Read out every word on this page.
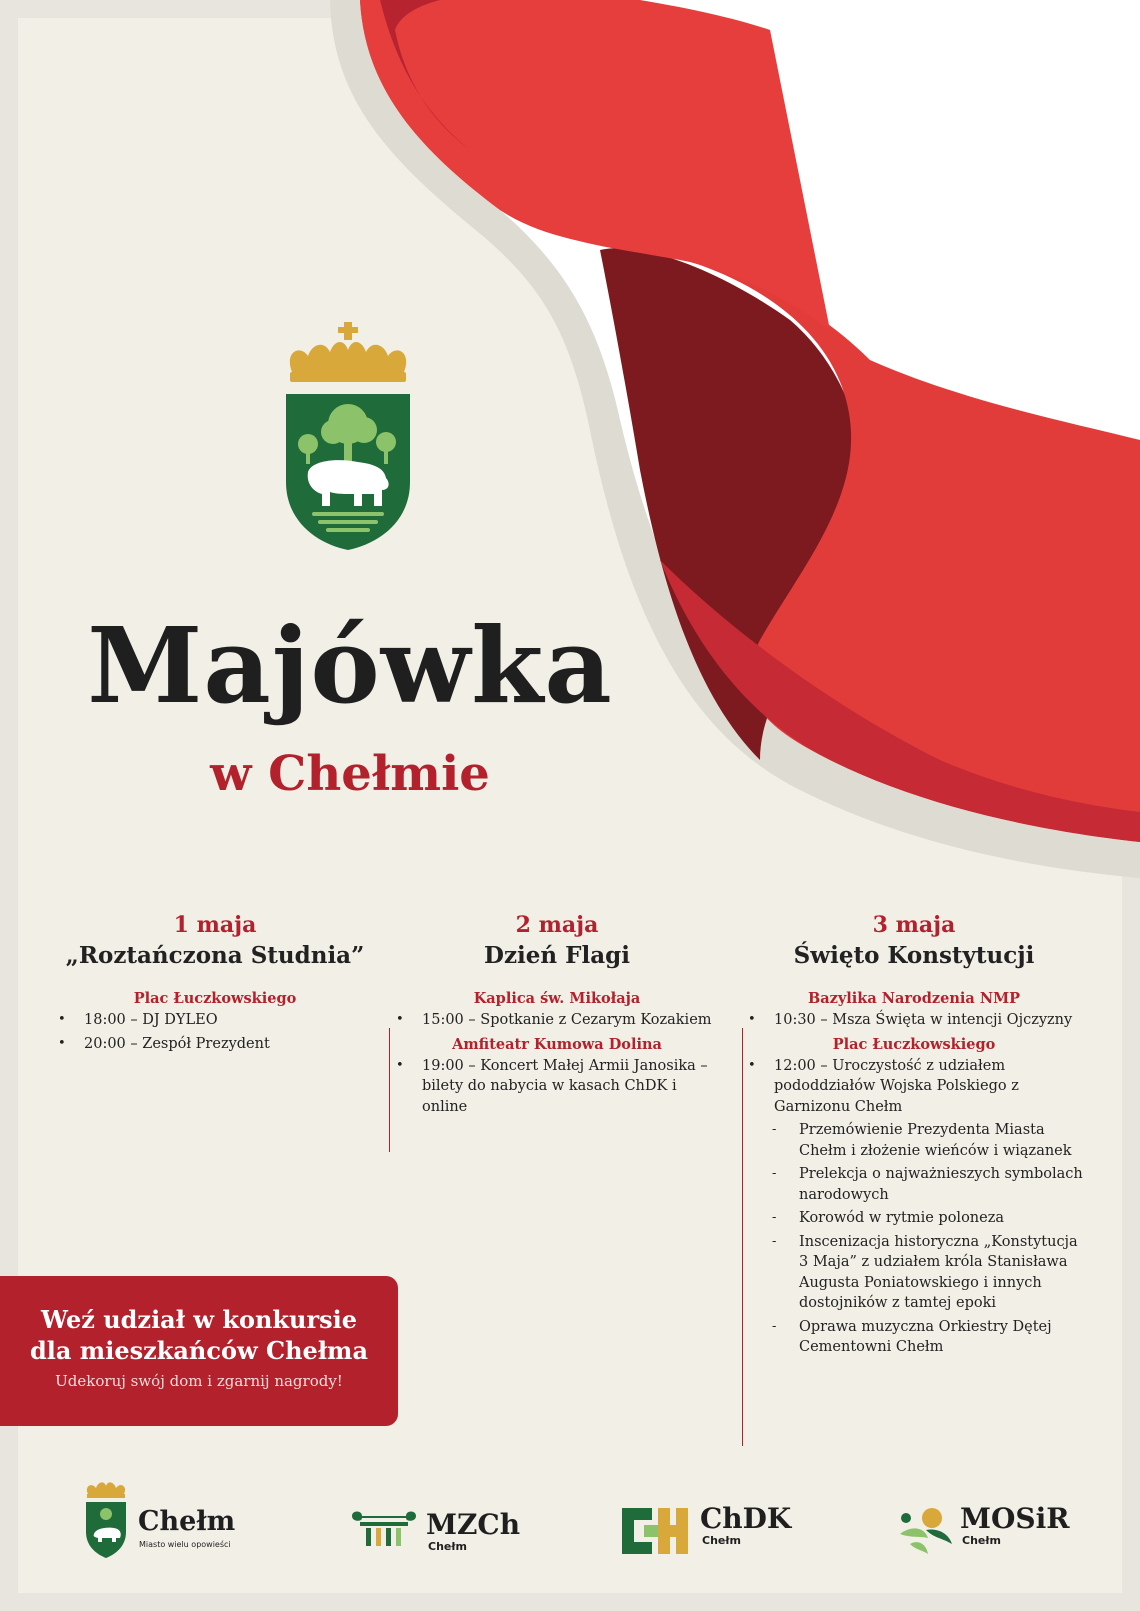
Majówka
w Chełmie
1 maja
„Roztańczona Studnia”
Plac Łuczkowskiego
• 18:00 – DJ DYLEO
• 20:00 – Zespół Prezydent
2 maja
Dzień Flagi
Kaplica św. Mikołaja
• 15:00 – Spotkanie z Cezarym Kozakiem
Amfiteatr Kumowa Dolina
• 19:00 – Koncert Małej Armii Janosika – bilety do nabycia w kasach ChDK i online
3 maja
Święto Konstytucji
Bazylika Narodzenia NMP
• 10:30 – Msza Święta w intencji Ojczyzny
Plac Łuczkowskiego
• 12:00 – Uroczystość z udziałem pododdziałów Wojska Polskiego z Garnizonu Chełm
- Przemówienie Prezydenta Miasta Chełm i złożenie wieńców i wiązanek
- Prelekcja o najważnieszych symbolach narodowych
- Korowód w rytmie poloneza
- Inscenizacja historyczna „Konstytucja 3 Maja” z udziałem króla Stanisława Augusta Poniatowskiego i innych dostojników z tamtej epoki
- Oprawa muzyczna Orkiestry Dętej Cementowni Chełm
Weź udział w konkursie
dla mieszkańców Chełma
Udekoruj swój dom i zgarnij nagrody!
Chełm
Miasto wielu opowieści
MZCh
Chełm
ChDK
Chełm
MOSiR
Chełm
